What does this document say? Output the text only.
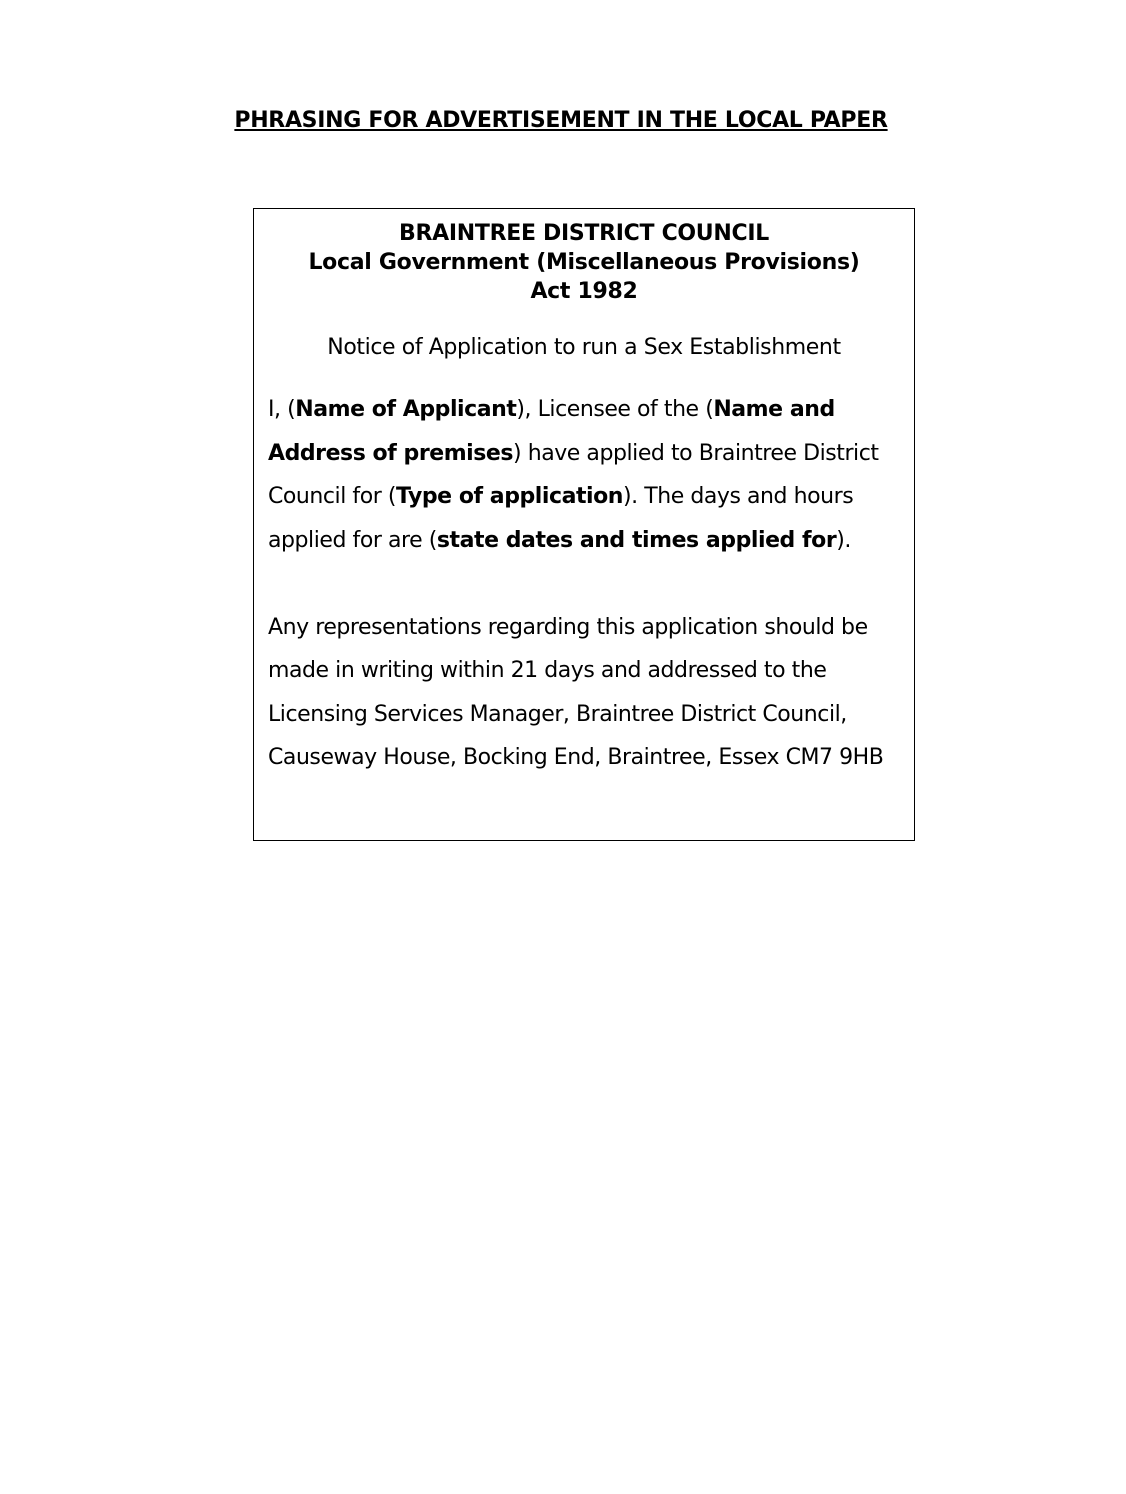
PHRASING FOR ADVERTISEMENT IN THE LOCAL PAPER
BRAINTREE DISTRICT COUNCIL
Local Government (Miscellaneous Provisions)
Act 1982
Notice of Application to run a Sex Establishment

I, (Name of Applicant), Licensee of the (Name and Address of premises) have applied to Braintree District Council for (Type of application). The days and hours applied for are (state dates and times applied for).

Any representations regarding this application should be made in writing within 21 days and addressed to the Licensing Services Manager, Braintree District Council, Causeway House, Bocking End, Braintree, Essex CM7 9HB
